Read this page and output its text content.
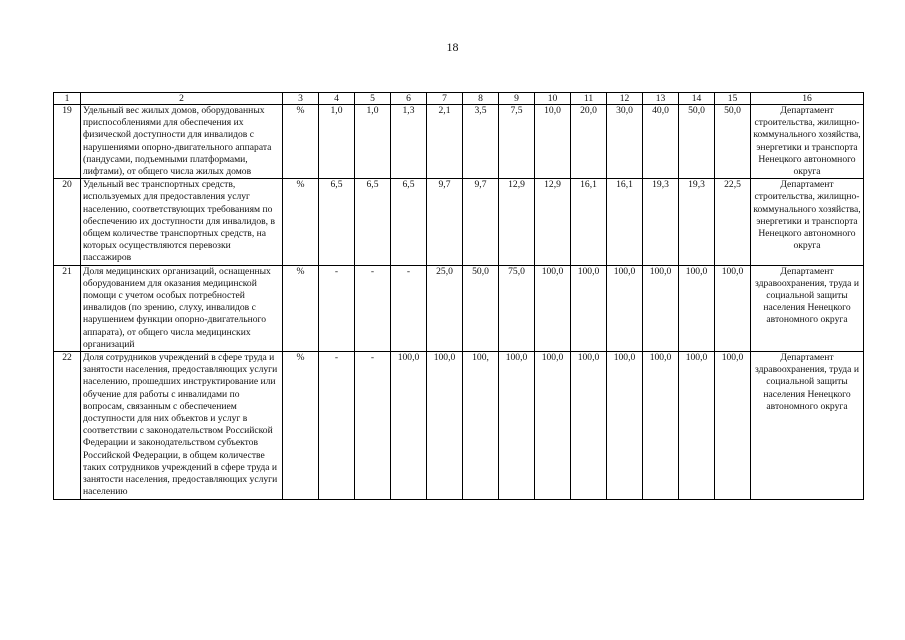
18
1	2	3	4	5	6	7	8	9	10	11	12	13	14	15	16
19	Удельный вес жилых домов, оборудованных приспособлениями для обеспечения их физической доступности для инвалидов с нарушениями опорно-двигательного аппарата (пандусами, подъемными платформами, лифтами), от общего числа жилых домов	%	1,0	1,0	1,3	2,1	3,5	7,5	10,0	20,0	30,0	40,0	50,0	50,0	Департамент строительства, жилищно-коммунального хозяйства, энергетики и транспорта Ненецкого автономного округа
20	Удельный вес транспортных средств, используемых для предоставления услуг населению, соответствующих требованиям по обеспечению их доступности для инвалидов, в общем количестве транспортных средств, на которых осуществляются перевозки пассажиров	%	6,5	6,5	6,5	9,7	9,7	12,9	12,9	16,1	16,1	19,3	19,3	22,5	Департамент строительства, жилищно-коммунального хозяйства, энергетики и транспорта Ненецкого автономного округа
21	Доля медицинских организаций, оснащенных оборудованием для оказания медицинской помощи с учетом особых потребностей инвалидов (по зрению, слуху, инвалидов с нарушением функции опорно-двигательного аппарата), от общего числа медицинских организаций	%	-	-	-	25,0	50,0	75,0	100,0	100,0	100,0	100,0	100,0	100,0	Департамент здравоохранения, труда и социальной защиты населения Ненецкого автономного округа
22	Доля сотрудников учреждений в сфере труда и занятости населения, предоставляющих услуги населению, прошедших инструктирование или обучение для работы с инвалидами по вопросам, связанным с обеспечением доступности для них объектов и услуг в соответствии с законодательством Российской Федерации и законодательством субъектов Российской Федерации, в общем количестве таких сотрудников учреждений в сфере труда и занятости населения, предоставляющих услуги населению	%	-	-	100,0	100,0	100,	100,0	100,0	100,0	100,0	100,0	100,0	100,0	Департамент здравоохранения, труда и социальной защиты населения Ненецкого автономного округа
